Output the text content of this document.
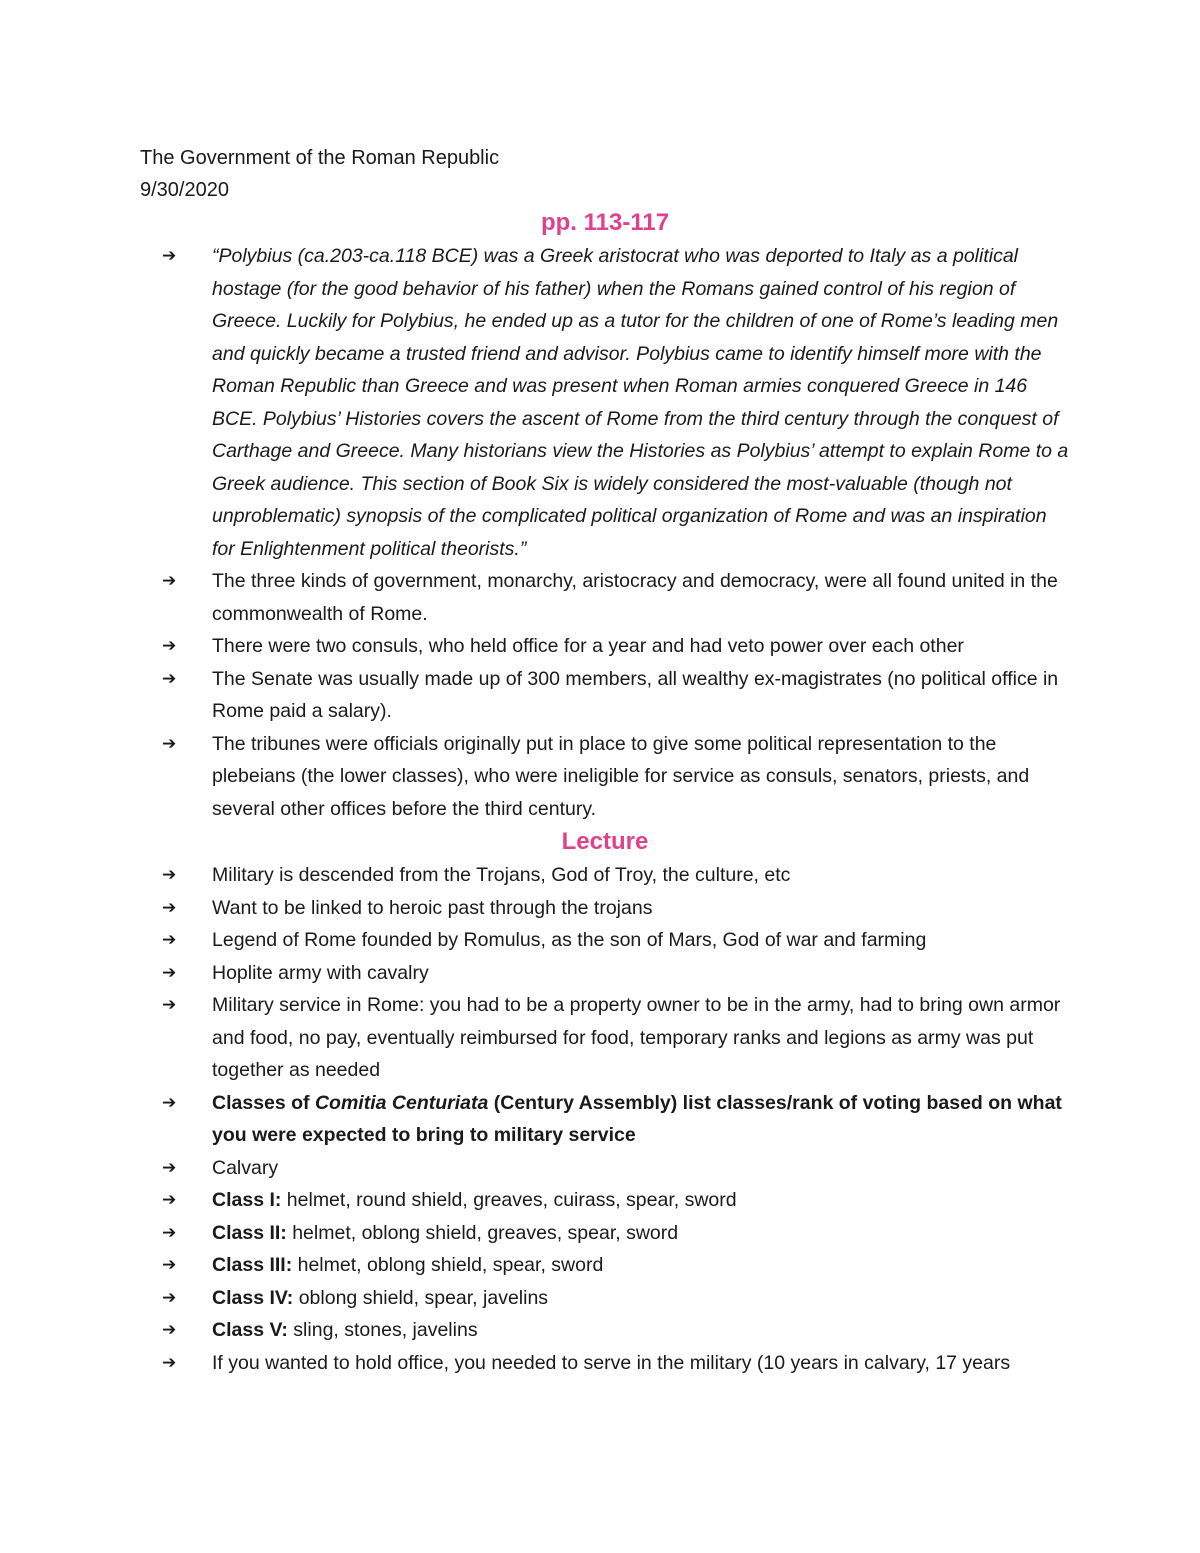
The Government of the Roman Republic
9/30/2020
pp. 113-117
➔ “Polybius (ca.203-ca.118 BCE) was a Greek aristocrat who was deported to Italy as a political hostage (for the good behavior of his father) when the Romans gained control of his region of Greece. Luckily for Polybius, he ended up as a tutor for the children of one of Rome’s leading men and quickly became a trusted friend and advisor. Polybius came to identify himself more with the Roman Republic than Greece and was present when Roman armies conquered Greece in 146 BCE. Polybius’ Histories covers the ascent of Rome from the third century through the conquest of Carthage and Greece. Many historians view the Histories as Polybius’ attempt to explain Rome to a Greek audience. This section of Book Six is widely considered the most-valuable (though not unproblematic) synopsis of the complicated political organization of Rome and was an inspiration for Enlightenment political theorists.”
➔ The three kinds of government, monarchy, aristocracy and democracy, were all found united in the commonwealth of Rome.
➔ There were two consuls, who held office for a year and had veto power over each other
➔ The Senate was usually made up of 300 members, all wealthy ex-magistrates (no political office in Rome paid a salary).
➔ The tribunes were officials originally put in place to give some political representation to the plebeians (the lower classes), who were ineligible for service as consuls, senators, priests, and several other offices before the third century.
Lecture
➔ Military is descended from the Trojans, God of Troy, the culture, etc
➔ Want to be linked to heroic past through the trojans
➔ Legend of Rome founded by Romulus, as the son of Mars, God of war and farming
➔ Hoplite army with cavalry
➔ Military service in Rome: you had to be a property owner to be in the army, had to bring own armor and food, no pay, eventually reimbursed for food, temporary ranks and legions as army was put together as needed
➔ Classes of Comitia Centuriata (Century Assembly) list classes/rank of voting based on what you were expected to bring to military service
➔ Calvary
➔ Class I: helmet, round shield, greaves, cuirass, spear, sword
➔ Class II: helmet, oblong shield, greaves, spear, sword
➔ Class III: helmet, oblong shield, spear, sword
➔ Class IV: oblong shield, spear, javelins
➔ Class V: sling, stones, javelins
➔ If you wanted to hold office, you needed to serve in the military (10 years in calvary, 17 years
